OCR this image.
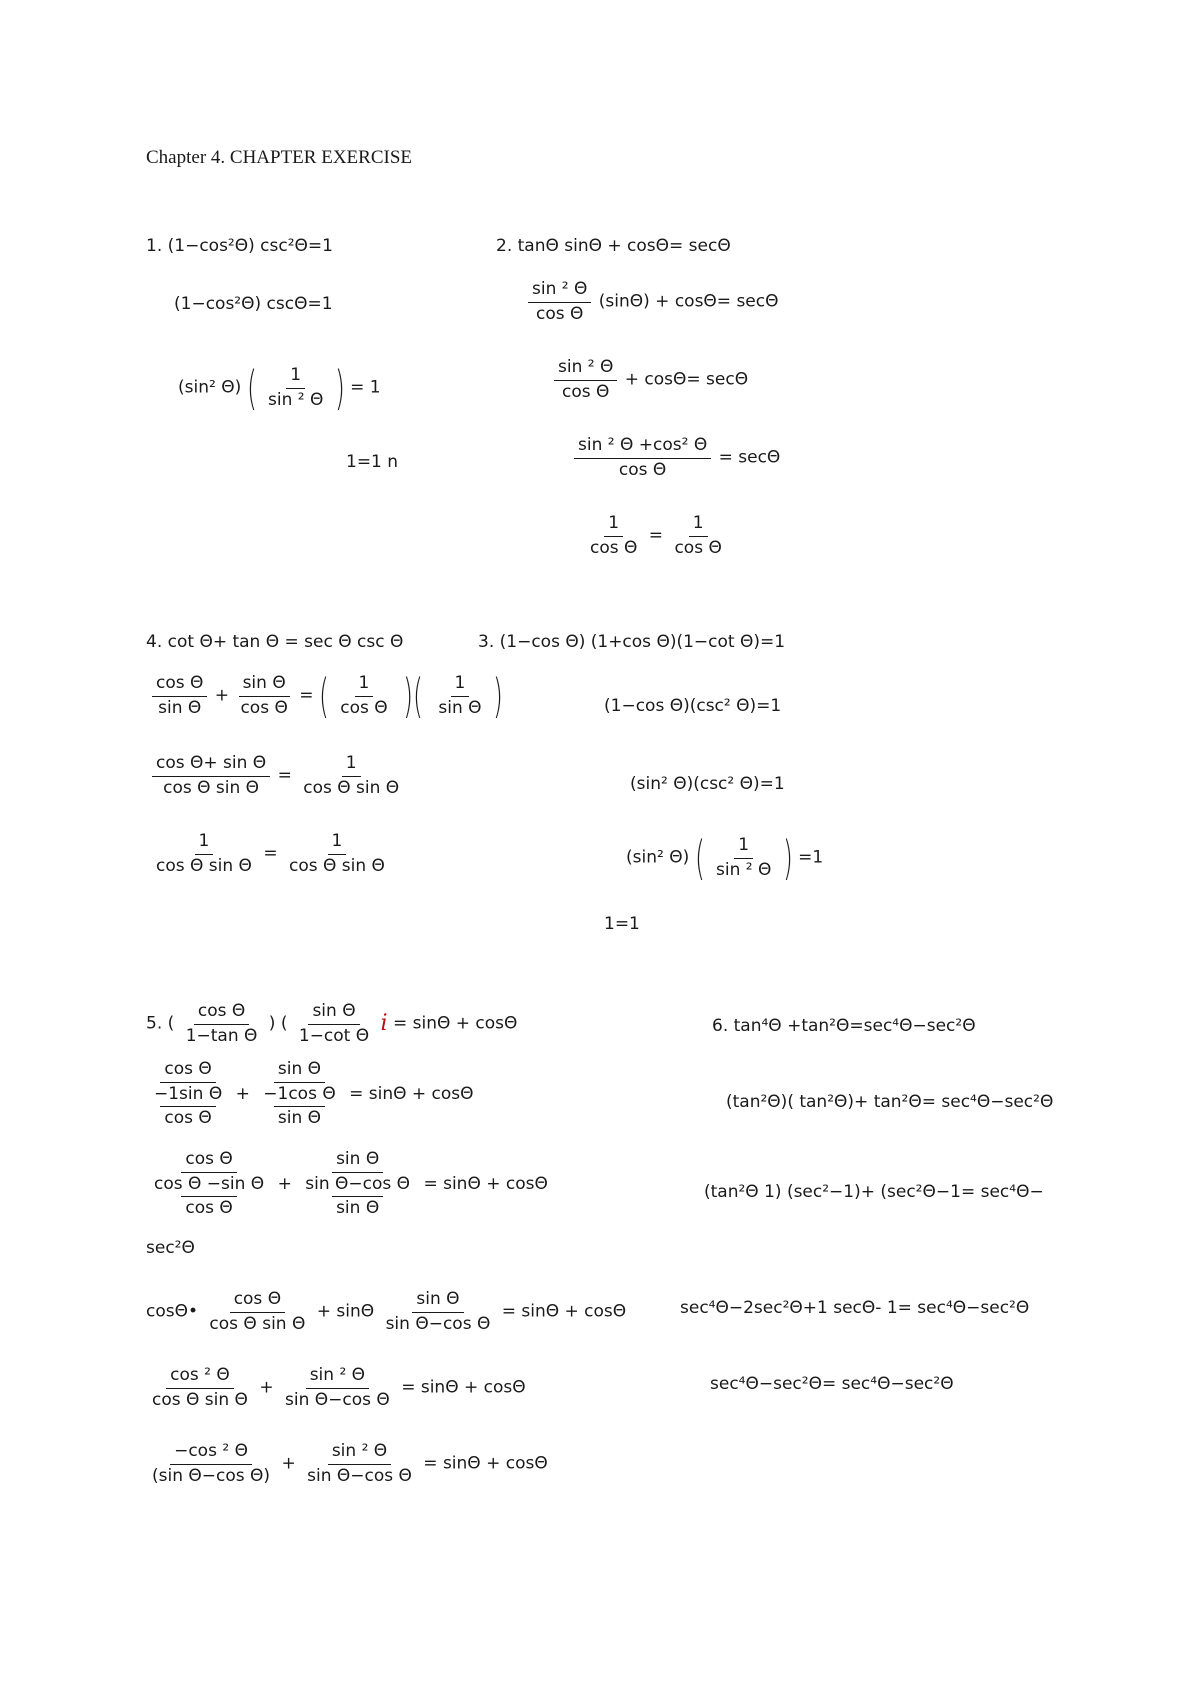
Chapter 4. CHAPTER EXERCISE
1. (1−cos²Θ) csc²Θ=1
(1−cos²Θ) cscΘ=1
(sin² Θ) ( $\frac{1}{\text{sin ² Θ}}$ ) = 1
1=1 n
2. tanΘ sinΘ + cosΘ= secΘ
$\frac{\text{sin ² Θ}}{\text{cos Θ}} (\sin\Theta) + \cos\Theta= \sec\Theta$
$\frac{\text{sin ² Θ}}{\text{cos Θ}} + \cos\Theta= \sec\Theta$
$\frac{\text{sin ² Θ +cos² Θ}}{\text{cos Θ}} = \sec\Theta$
$\frac{1}{\text{cos Θ}} = \frac{1}{\text{cos Θ}}$
4. cot Θ+ tan Θ = sec Θ csc Θ
$\frac{\text{cos Θ}}{\text{sin Θ}} + \frac{\text{sin Θ}}{\text{cos Θ}}$ = ( $\frac{1}{\text{cos Θ}}$ )( $\frac{1}{\text{sin Θ}}$ )
$\frac{\text{cos Θ+ sin Θ}}{\text{cos Θ sin Θ}} = \frac{1}{\text{cos Θ sin Θ}}$
$\frac{1}{\text{cos Θ sin Θ}} = \frac{1}{\text{cos Θ sin Θ}}$
3. (1−cos Θ) (1+cos Θ)(1−cot Θ)=1
(1−cos Θ)(csc² Θ)=1
(sin² Θ)(csc² Θ)=1
(sin² Θ) ( $\frac{1}{\text{sin ² Θ}}$ ) =1
1=1
5. ( $\frac{\text{cos Θ}}{\text{1−tan Θ}}$ ) ( $\frac{\text{sin Θ}}{\text{1−cot Θ}}$ i = sinΘ + cosΘ
$\frac{\frac{\text{cos Θ}}{\text{−1sin Θ}}}{\text{cos Θ}} + \frac{\frac{\text{sin Θ}}{\text{−1cos Θ}}}{\text{sin Θ}} = \sin\Theta + \cos\Theta$
$\frac{\frac{\text{cos Θ}}{\text{cos Θ −sin Θ}}}{\text{cos Θ}} + \frac{\frac{\text{sin Θ}}{\text{sin Θ−cos Θ}}}{\text{sin Θ}} = \sin\Theta + \cos\Theta$
sec²Θ
cosΘ• $\frac{\text{cos Θ}}{\text{cos Θ sin Θ}} + \sin\Theta \frac{\text{sin Θ}}{\text{sin Θ−cos Θ}} = \sin\Theta + \cos\Theta$
$\frac{\text{cos ² Θ}}{\text{cos Θ sin Θ}} + \frac{\text{sin ² Θ}}{\text{sin Θ−cos Θ}} = \sin\Theta + \cos\Theta$
$\frac{\text{−cos ² Θ}}{\text{(sin Θ−cos Θ)}} + \frac{\text{sin ² Θ}}{\text{sin Θ−cos Θ}} = \sin\Theta + \cos\Theta$
6. tan⁴Θ +tan²Θ=sec⁴Θ−sec²Θ
(tan²Θ)( tan²Θ)+ tan²Θ= sec⁴Θ−sec²Θ
(tan²Θ 1) (sec²−1)+ (sec²Θ−1= sec⁴Θ−
sec⁴Θ−2sec²Θ+1 secΘ- 1= sec⁴Θ−sec²Θ
sec⁴Θ−sec²Θ= sec⁴Θ−sec²Θ
